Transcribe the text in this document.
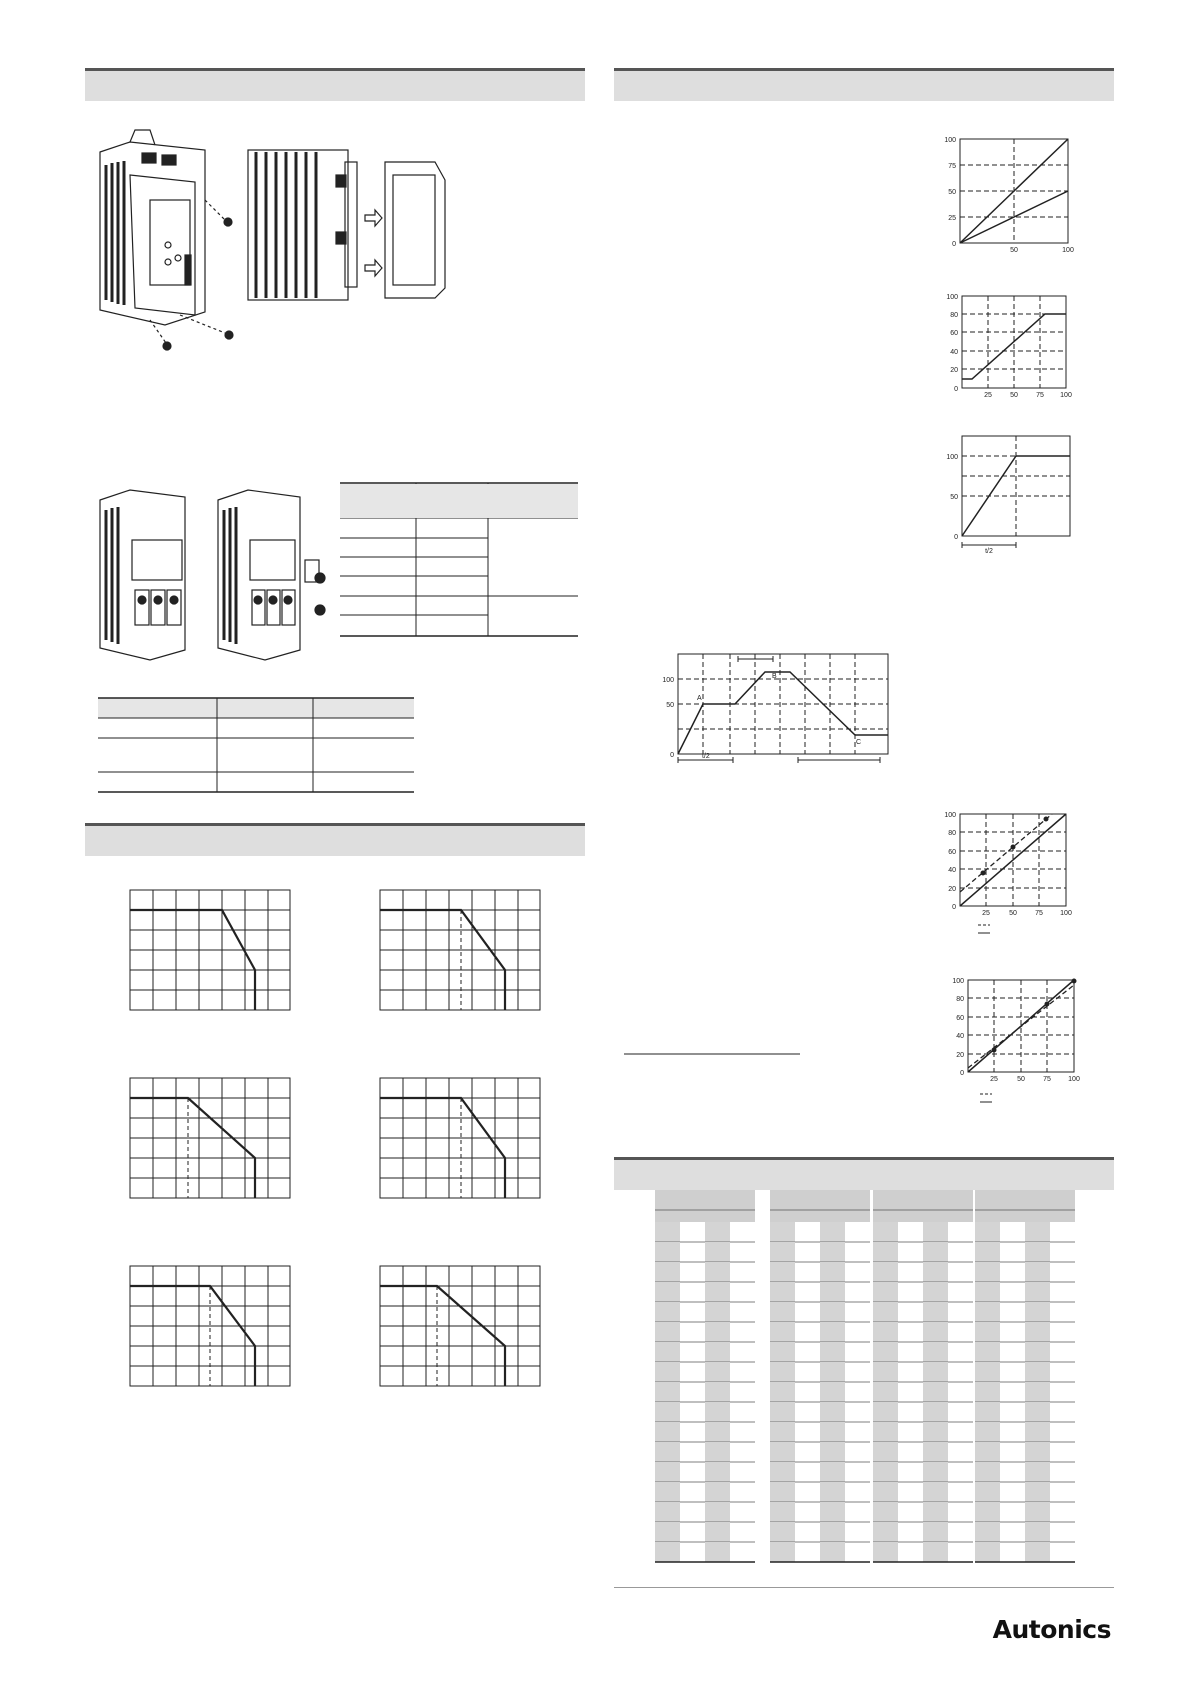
0
25
50
75
100
50	100
0
20
40
60
80
100
25	50	75 100
0
50
100
t/2
0
50
100
A
B
C
t/2
0
20
40
60
80
100
25	50	75 100
0
20
40
60
80
100
25	50	75 100
Autonics
